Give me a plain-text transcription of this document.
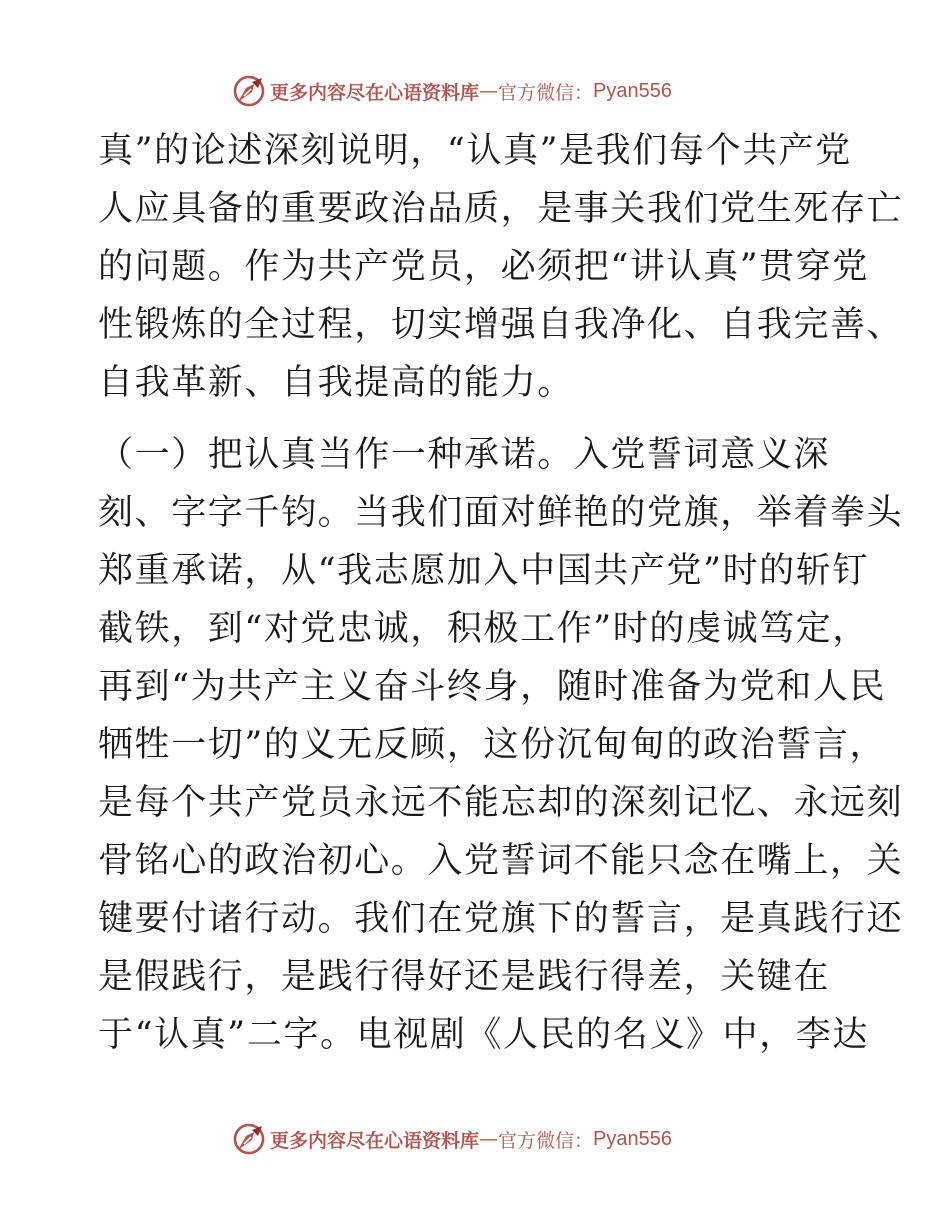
更多内容尽在心语资料库 — 官方微信： Pyan556
真”的论述深刻说明，“认真”是我们每个共产党
人应具备的重要政治品质，是事关我们党生死存亡
的问题。作为共产党员，必须把“讲认真”贯穿党
性锻炼的全过程，切实增强自我净化、自我完善、
自我革新、自我提高的能力。
（一）把认真当作一种承诺。入党誓词意义深
刻、字字千钧。当我们面对鲜艳的党旗，举着拳头
郑重承诺，从“我志愿加入中国共产党”时的斩钉
截铁，到“对党忠诚，积极工作”时的虔诚笃定，
再到“为共产主义奋斗终身，随时准备为党和人民
牺牲一切”的义无反顾，这份沉甸甸的政治誓言，
是每个共产党员永远不能忘却的深刻记忆、永远刻
骨铭心的政治初心。入党誓词不能只念在嘴上，关
键要付诸行动。我们在党旗下的誓言，是真践行还
是假践行，是践行得好还是践行得差，关键在
于“认真”二字。电视剧《人民的名义》中，李达
更多内容尽在心语资料库 — 官方微信： Pyan556
